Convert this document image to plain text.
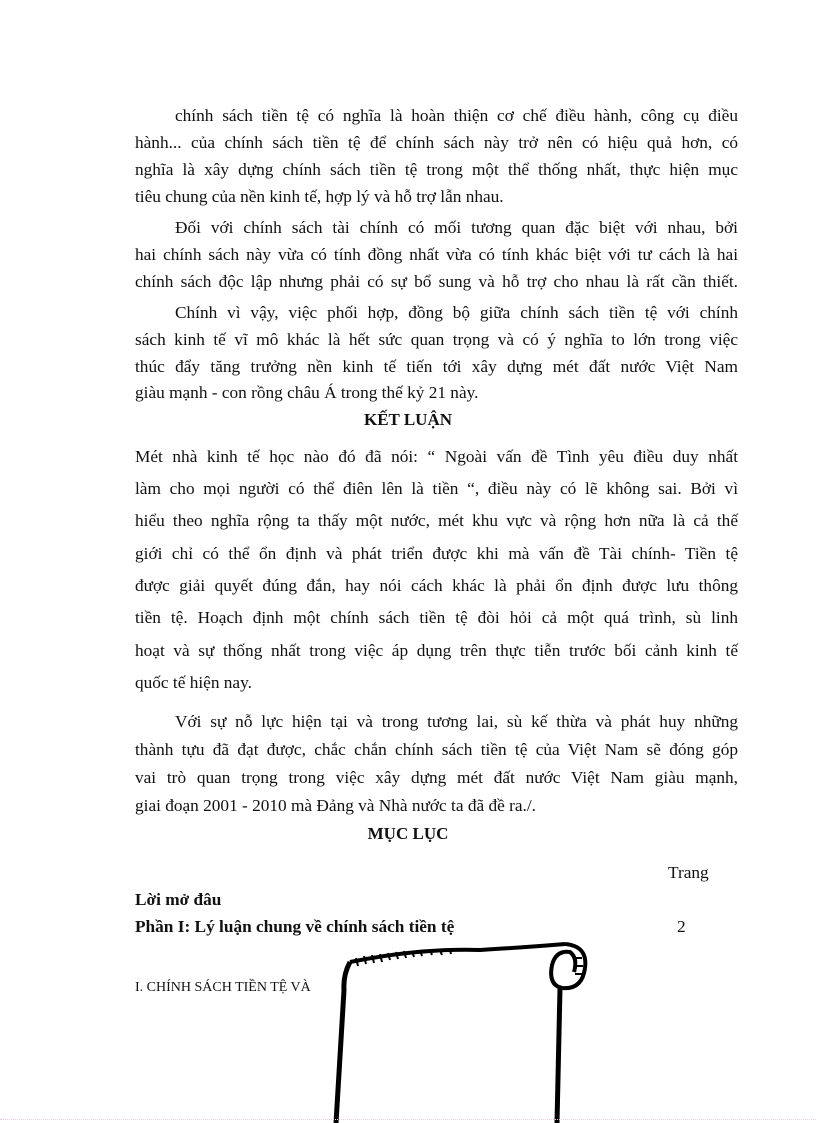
chính sách tiền tệ có nghĩa là hoàn thiện cơ chế điều hành, công cụ điều
hành... của chính sách tiền tệ để chính sách này trở nên có hiệu quả hơn, có
nghĩa là xây dựng chính sách tiền tệ trong một thể thống nhất, thực hiện mục
tiêu chung của nền kinh tế, hợp lý và hỗ trợ lẫn nhau.
Đối với chính sách tài chính có mối tương quan đặc biệt với nhau, bởi
hai chính sách này vừa có tính đồng nhất vừa có tính khác biệt với tư cách là hai
chính sách độc lập nhưng phải có sự bổ sung và hỗ trợ cho nhau là rất cần thiết.
Chính vì vậy, việc phối hợp, đồng bộ giữa chính sách tiền tệ với chính
sách kinh tế vĩ mô khác là hết sức quan trọng và có ý nghĩa to lớn trong việc
thúc đẩy tăng trưởng nền kinh tế tiến tới xây dựng mét đất nước Việt Nam
giàu mạnh - con rồng châu Á trong thế kỷ 21 này.
KẾT LUẬN
Mét nhà kinh tế học nào đó đã nói: “ Ngoài vấn đề Tình yêu điều duy nhất
làm cho mọi người có thể điên lên là tiền “, điều này có lẽ không sai. Bởi vì
hiểu theo nghĩa rộng ta thấy một nước, mét khu vực và rộng hơn nữa là cả thế
giới chỉ có thể ổn định và phát triển được khi mà vấn đề Tài chính- Tiền tệ
được giải quyết đúng đắn, hay nói cách khác là phải ổn định được lưu thông
tiền tệ. Hoạch định một chính sách tiền tệ đòi hỏi cả một quá trình, sù linh
hoạt và sự thống nhất trong việc áp dụng trên thực tiễn trước bối cảnh kinh tế
quốc tế hiện nay.
Với sự nỗ lực hiện tại và trong tương lai, sù kế thừa và phát huy những
thành tựu đã đạt được, chắc chắn chính sách tiền tệ của Việt Nam sẽ đóng góp
vai trò quan trọng trong việc xây dựng mét đất nước Việt Nam giàu mạnh,
giai đoạn 2001 - 2010 mà Đảng và Nhà nước ta đã đề ra./.
MỤC LỤC
Trang
Lời mở đâu
Phần I: Lý luận chung về chính sách tiền tệ	2
I. CHÍNH SÁCH TIỀN TỆ VÀ
